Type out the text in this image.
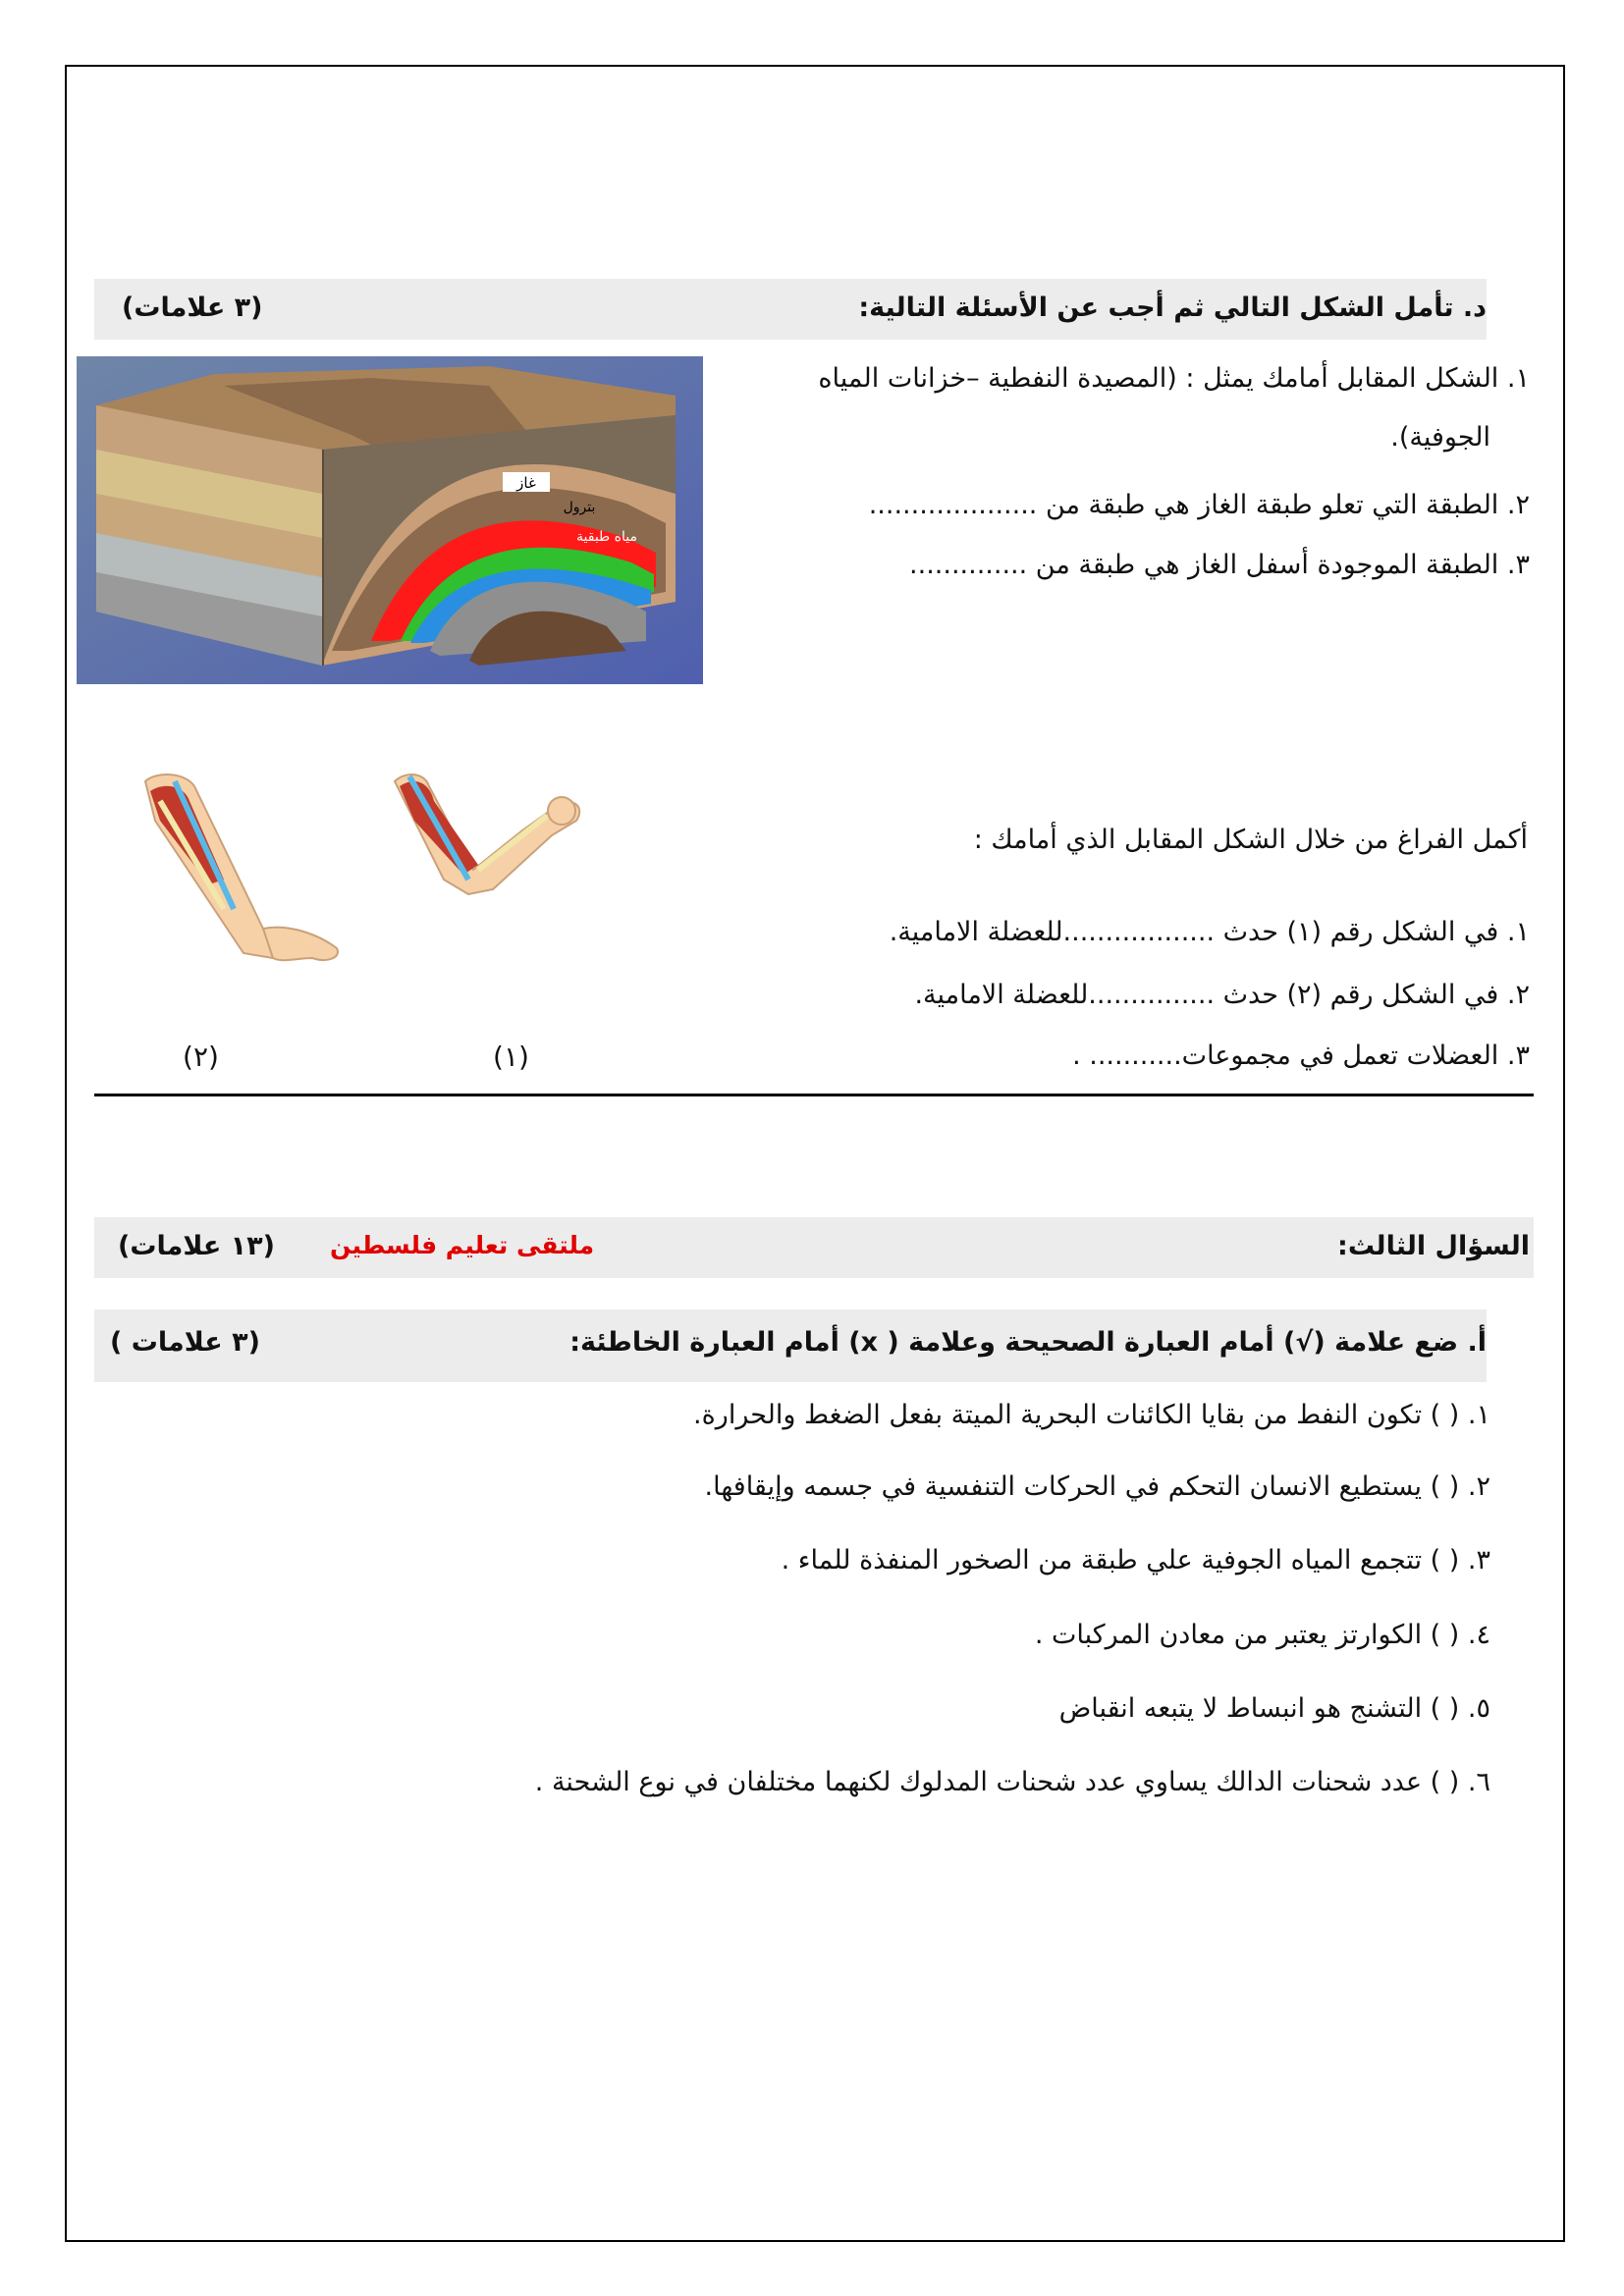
د. تأمل الشكل التالي ثم أجب عن الأسئلة التالية:
(٣ علامات)
غاز
بترول
مياه طبقية
١. الشكل المقابل أمامك يمثل : (المصيدة النفطية –خزانات المياه
الجوفية).
٢. الطبقة التي تعلو طبقة الغاز هي طبقة من ....................
٣. الطبقة الموجودة أسفل الغاز هي طبقة من ..............
أكمل الفراغ من خلال الشكل المقابل الذي أمامك :
١. في الشكل رقم (١) حدث ..................للعضلة الامامية.
٢. في الشكل رقم (٢) حدث ...............للعضلة الامامية.
٣. العضلات تعمل في مجموعات........... .
(١)
(٢)
السؤال الثالث:
ملتقى تعليم فلسطين
(١٣ علامات)
أ. ضع علامة (√) أمام العبارة الصحيحة وعلامة ( x) أمام العبارة الخاطئة:
(٣ علامات )
١. ( ) تكون النفط من بقايا الكائنات البحرية الميتة بفعل الضغط والحرارة.
٢. ( ) يستطيع الانسان التحكم في الحركات التنفسية في جسمه وإيقافها.
٣. ( ) تتجمع المياه الجوفية علي طبقة من الصخور المنفذة للماء .
٤. ( ) الكوارتز يعتبر من معادن المركبات .
٥. ( ) التشنج هو انبساط لا يتبعه انقباض
٦. ( ) عدد شحنات الدالك يساوي عدد شحنات المدلوك لكنهما مختلفان في نوع الشحنة .
